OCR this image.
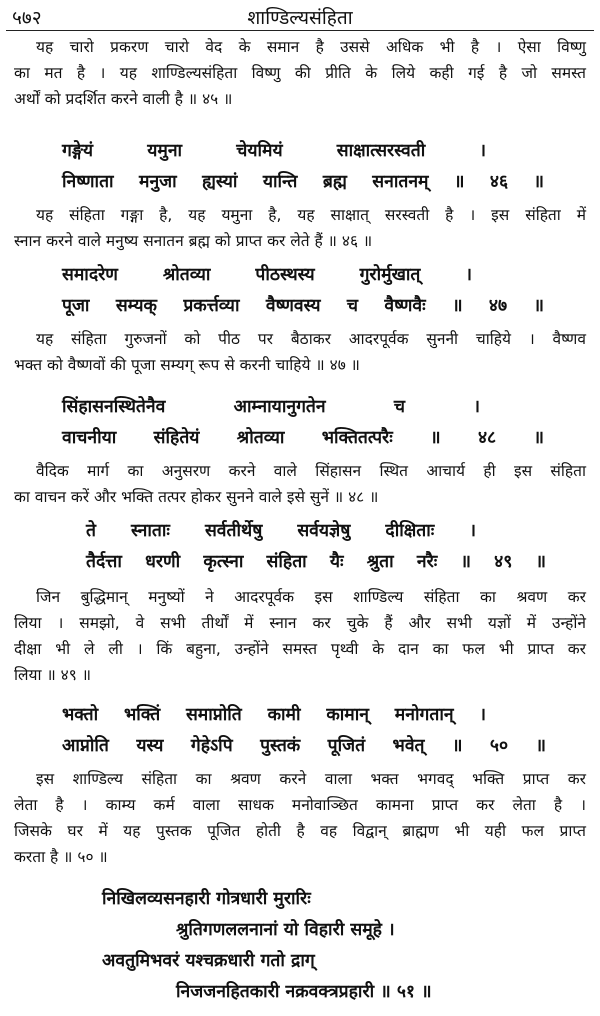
५७२	शाण्डिल्यसंहिता
यह चारो प्रकरण चारो वेद के समान है उससे अधिक भी है । ऐसा विष्णु
का मत है । यह शाण्डिल्यसंहिता विष्णु की प्रीति के लिये कही गई है जो समस्त
अर्थों को प्रदर्शित करने वाली है ॥ ४५ ॥
गङ्गेयं यमुना चेयमियं साक्षात्सरस्वती ।
निष्णाता मनुजा ह्यस्यां यान्ति ब्रह्म सनातनम् ॥ ४६ ॥
यह संहिता गङ्गा है, यह यमुना है, यह साक्षात् सरस्वती है । इस संहिता में
स्नान करने वाले मनुष्य सनातन ब्रह्म को प्राप्त कर लेते हैं ॥ ४६ ॥
समादरेण श्रोतव्या पीठस्थस्य गुरोर्मुखात् ।
पूजा सम्यक् प्रकर्त्तव्या वैष्णवस्य च वैष्णवैः ॥ ४७ ॥
यह संहिता गुरुजनों को पीठ पर बैठाकर आदरपूर्वक सुननी चाहिये । वैष्णव
भक्त को वैष्णवों की पूजा सम्यग् रूप से करनी चाहिये ॥ ४७ ॥
सिंहासनस्थितेनैव आम्नायानुगतेन च ।
वाचनीया संहितेयं श्रोतव्या भक्तितत्परैः ॥ ४८ ॥
वैदिक मार्ग का अनुसरण करने वाले सिंहासन स्थित आचार्य ही इस संहिता
का वाचन करें और भक्ति तत्पर होकर सुनने वाले इसे सुनें ॥ ४८ ॥
ते स्नाताः सर्वतीर्थेषु सर्वयज्ञेषु दीक्षिताः ।
तैर्दत्ता धरणी कृत्स्ना संहिता यैः श्रुता नरैः ॥ ४९ ॥
जिन बुद्धिमान् मनुष्यों ने आदरपूर्वक इस शाण्डिल्य संहिता का श्रवण कर
लिया । समझो, वे सभी तीर्थों में स्नान कर चुके हैं और सभी यज्ञों में उन्होंने
दीक्षा भी ले ली । किं बहुना, उन्होंने समस्त पृथ्वी के दान का फल भी प्राप्त कर
लिया ॥ ४९ ॥
भक्तो भक्तिं समाप्नोति कामी कामान् मनोगतान् ।
आप्नोति यस्य गेहेऽपि पुस्तकं पूजितं भवेत् ॥ ५० ॥
इस शाण्डिल्य संहिता का श्रवण करने वाला भक्त भगवद् भक्ति प्राप्त कर
लेता है । काम्य कर्म वाला साधक मनोवाञ्छित कामना प्राप्त कर लेता है ।
जिसके घर में यह पुस्तक पूजित होती है वह विद्वान् ब्राह्मण भी यही फल प्राप्त
करता है ॥ ५० ॥
निखिलव्यसनहारी गोत्रधारी मुरारिः
श्रुतिगणललनानां यो विहारी समूहे ।
अवतुमिभवरं यश्चक्रधारी गतो द्राग्
निजजनहितकारी नक्रवक्त्रप्रहारी ॥ ५१ ॥
